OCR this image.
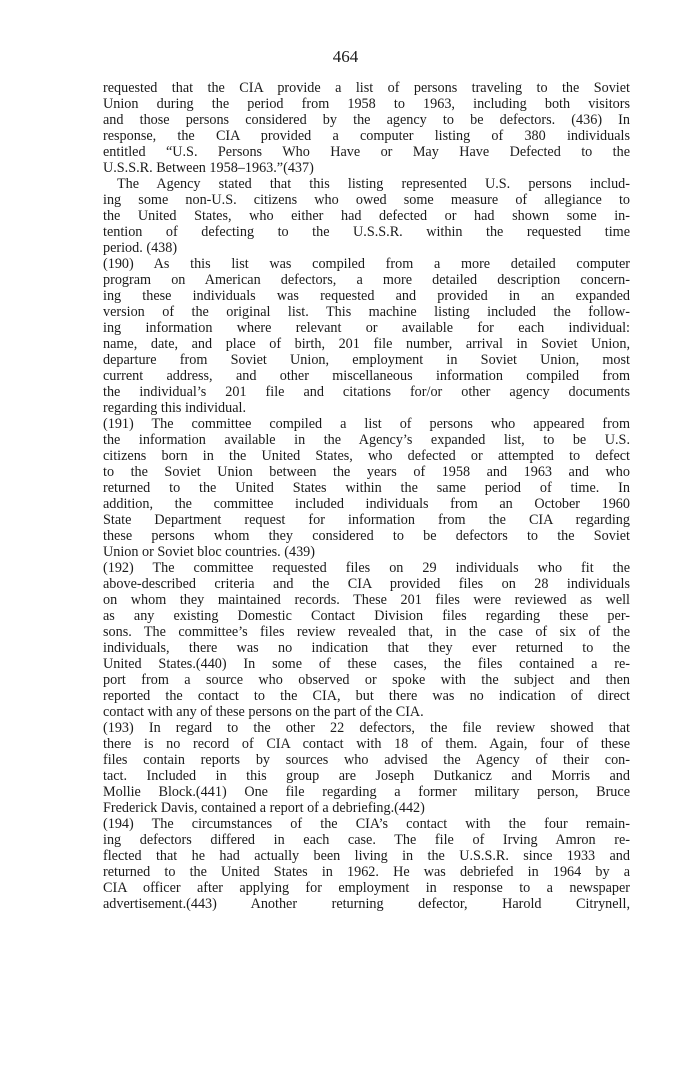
464
requested that the CIA provide a list of persons traveling to the Soviet
Union during the period from 1958 to 1963, including both visitors
and those persons considered by the agency to be defectors. (436) In
response, the CIA provided a computer listing of 380 individuals
entitled “U.S. Persons Who Have or May Have Defected to the
U.S.S.R. Between 1958–1963.”(437)
The Agency stated that this listing represented U.S. persons includ-
ing some non-U.S. citizens who owed some measure of allegiance to
the United States, who either had defected or had shown some in-
tention of defecting to the U.S.S.R. within the requested time
period. (438)
(190) As this list was compiled from a more detailed computer
program on American defectors, a more detailed description concern-
ing these individuals was requested and provided in an expanded
version of the original list. This machine listing included the follow-
ing information where relevant or available for each individual:
name, date, and place of birth, 201 file number, arrival in Soviet Union,
departure from Soviet Union, employment in Soviet Union, most
current address, and other miscellaneous information compiled from
the individual’s 201 file and citations for/or other agency documents
regarding this individual.
(191) The committee compiled a list of persons who appeared from
the information available in the Agency’s expanded list, to be U.S.
citizens born in the United States, who defected or attempted to defect
to the Soviet Union between the years of 1958 and 1963 and who
returned to the United States within the same period of time. In
addition, the committee included individuals from an October 1960
State Department request for information from the CIA regarding
these persons whom they considered to be defectors to the Soviet
Union or Soviet bloc countries. (439)
(192) The committee requested files on 29 individuals who fit the
above-described criteria and the CIA provided files on 28 individuals
on whom they maintained records. These 201 files were reviewed as well
as any existing Domestic Contact Division files regarding these per-
sons. The committee’s files review revealed that, in the case of six of the
individuals, there was no indication that they ever returned to the
United States.(440) In some of these cases, the files contained a re-
port from a source who observed or spoke with the subject and then
reported the contact to the CIA, but there was no indication of direct
contact with any of these persons on the part of the CIA.
(193) In regard to the other 22 defectors, the file review showed that
there is no record of CIA contact with 18 of them. Again, four of these
files contain reports by sources who advised the Agency of their con-
tact. Included in this group are Joseph Dutkanicz and Morris and
Mollie Block.(441) One file regarding a former military person, Bruce
Frederick Davis, contained a report of a debriefing.(442)
(194) The circumstances of the CIA’s contact with the four remain-
ing defectors differed in each case. The file of Irving Amron re-
flected that he had actually been living in the U.S.S.R. since 1933 and
returned to the United States in 1962. He was debriefed in 1964 by a
CIA officer after applying for employment in response to a newspaper
advertisement.(443) Another returning defector, Harold Citrynell,
